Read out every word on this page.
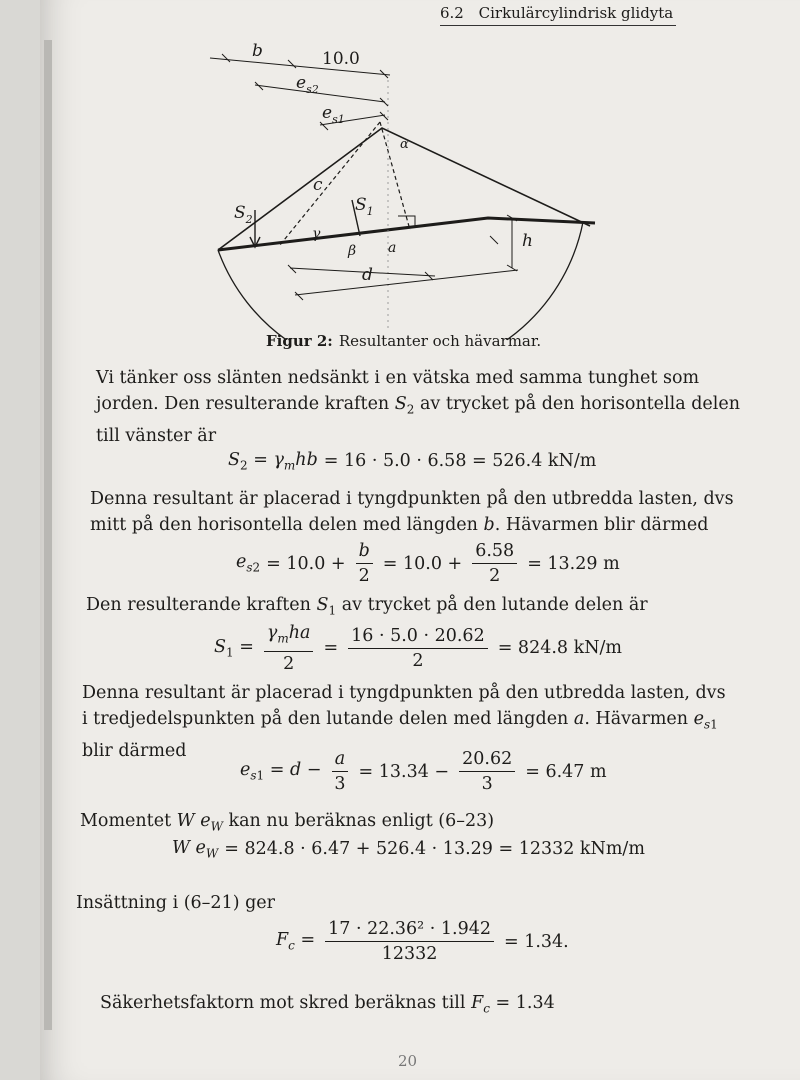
6.2 Cirkulärcylindrisk glidyta
b	10.0
$e_{s2}$
$e_{s1}$
α
c
$S_2$
$S_1$
γ
β a	h
d
Figur 2: Resultanter och hävarmar.
Vi tänker oss slänten nedsänkt i en vätska med samma tunghet som
jorden. Den resulterande kraften $S_2$ av trycket på den horisontella delen
till vänster är
$S_2 = \gamma_mhb = 16 \cdot 5.0 \cdot 6.58 = 526.4$ kN/m
Denna resultant är placerad i tyngdpunkten på den utbredda lasten, dvs
mitt på den horisontella delen med längden b. Hävarmen blir därmed
$e_{s2} = 10.0 + \frac{b}{2} = 10.0 + \frac{6.58}{2} = 13.29$ m
Den resulterande kraften $S_1$ av trycket på den lutande delen är
$S_1 = \frac{\gamma_mha}{2} = \frac{16 \cdot 5.0 \cdot 20.62}{2} = 824.8$ kN/m
Denna resultant är placerad i tyngdpunkten på den utbredda lasten, dvs
i tredjedelspunkten på den lutande delen med längden a. Hävarmen $e_{s1}$
blir därmed
$e_{s1} = d - \frac{a}{3} = 13.34 - \frac{20.62}{3} = 6.47$ m
Momentet W $e_W$ kan nu beräknas enligt (6–23)
W $e_W = 824.8 \cdot 6.47 + 526.4 \cdot 13.29 = 12332$ kNm/m
Insättning i (6–21) ger
$F_c = \frac{\text{17 · 22.36² · 1.942}}{12332} = 1.34$.
Säkerhetsfaktorn mot skred beräknas till $F_c = 1.34$
20
